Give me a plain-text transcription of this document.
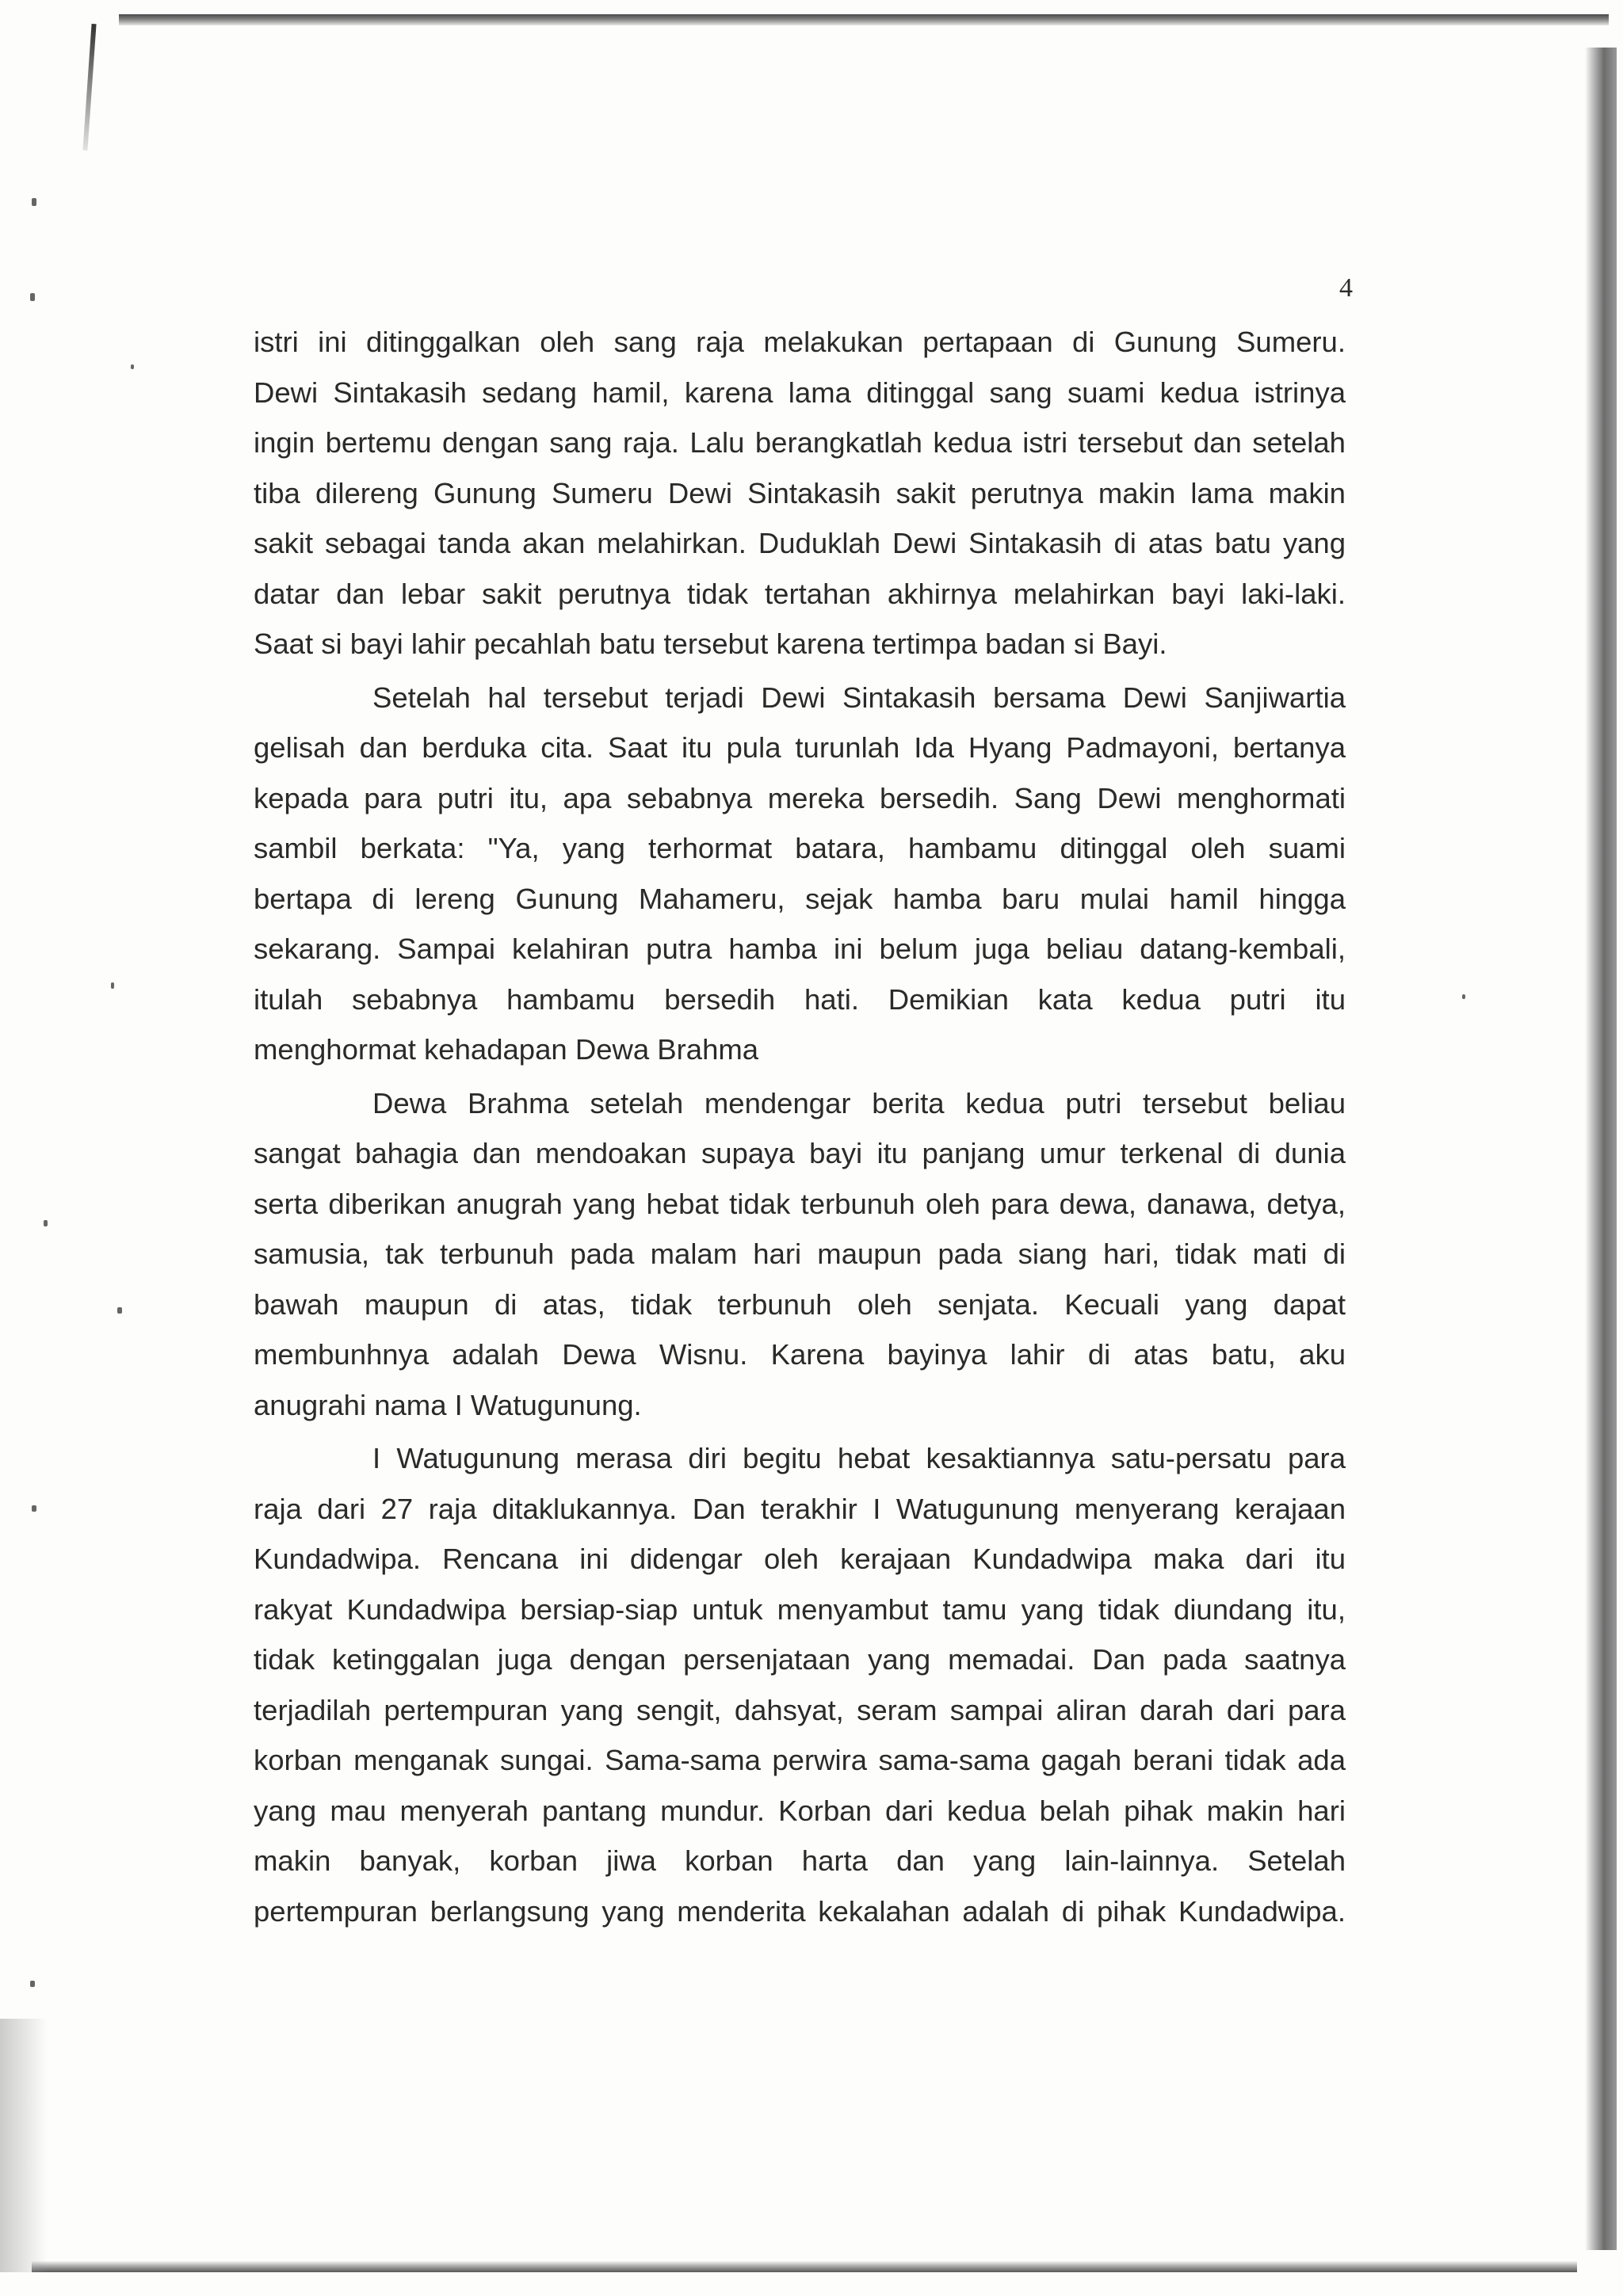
4
istri ini ditinggalkan oleh sang raja melakukan pertapaan di Gunung Sumeru.
Dewi Sintakasih sedang hamil, karena lama ditinggal sang suami kedua istrinya
ingin bertemu dengan sang raja. Lalu berangkatlah kedua istri tersebut dan setelah
tiba dilereng Gunung Sumeru Dewi Sintakasih sakit perutnya makin lama makin
sakit sebagai tanda akan melahirkan. Duduklah Dewi Sintakasih di atas batu yang
datar dan lebar sakit perutnya tidak tertahan akhirnya melahirkan bayi laki-laki.
Saat si bayi lahir pecahlah batu tersebut karena tertimpa badan si Bayi.
Setelah hal tersebut terjadi Dewi Sintakasih bersama Dewi Sanjiwartia
gelisah dan berduka cita. Saat itu pula turunlah Ida Hyang Padmayoni, bertanya
kepada para putri itu, apa sebabnya mereka bersedih. Sang Dewi menghormati
sambil berkata: "Ya, yang terhormat batara, hambamu ditinggal oleh suami
bertapa di lereng Gunung Mahameru, sejak hamba baru mulai hamil hingga
sekarang. Sampai kelahiran putra hamba ini belum juga beliau datang-kembali,
itulah sebabnya hambamu bersedih hati. Demikian kata kedua putri itu
menghormat kehadapan Dewa Brahma
Dewa Brahma setelah mendengar berita kedua putri tersebut beliau
sangat bahagia dan mendoakan supaya bayi itu panjang umur terkenal di dunia
serta diberikan anugrah yang hebat tidak terbunuh oleh para dewa, danawa, detya,
samusia, tak terbunuh pada malam hari maupun pada siang hari, tidak mati di
bawah maupun di atas, tidak terbunuh oleh senjata. Kecuali yang dapat
membunhnya adalah Dewa Wisnu. Karena bayinya lahir di atas batu, aku
anugrahi nama I Watugunung.
I Watugunung merasa diri begitu hebat kesaktiannya satu-persatu para
raja dari 27 raja ditaklukannya. Dan terakhir I Watugunung menyerang kerajaan
Kundadwipa. Rencana ini didengar oleh kerajaan Kundadwipa maka dari itu
rakyat Kundadwipa bersiap-siap untuk menyambut tamu yang tidak diundang itu,
tidak ketinggalan juga dengan persenjataan yang memadai. Dan pada saatnya
terjadilah pertempuran yang sengit, dahsyat, seram sampai aliran darah dari para
korban menganak sungai. Sama-sama perwira sama-sama gagah berani tidak ada
yang mau menyerah pantang mundur. Korban dari kedua belah pihak makin hari
makin banyak, korban jiwa korban harta dan yang lain-lainnya. Setelah
pertempuran berlangsung yang menderita kekalahan adalah di pihak Kundadwipa.
